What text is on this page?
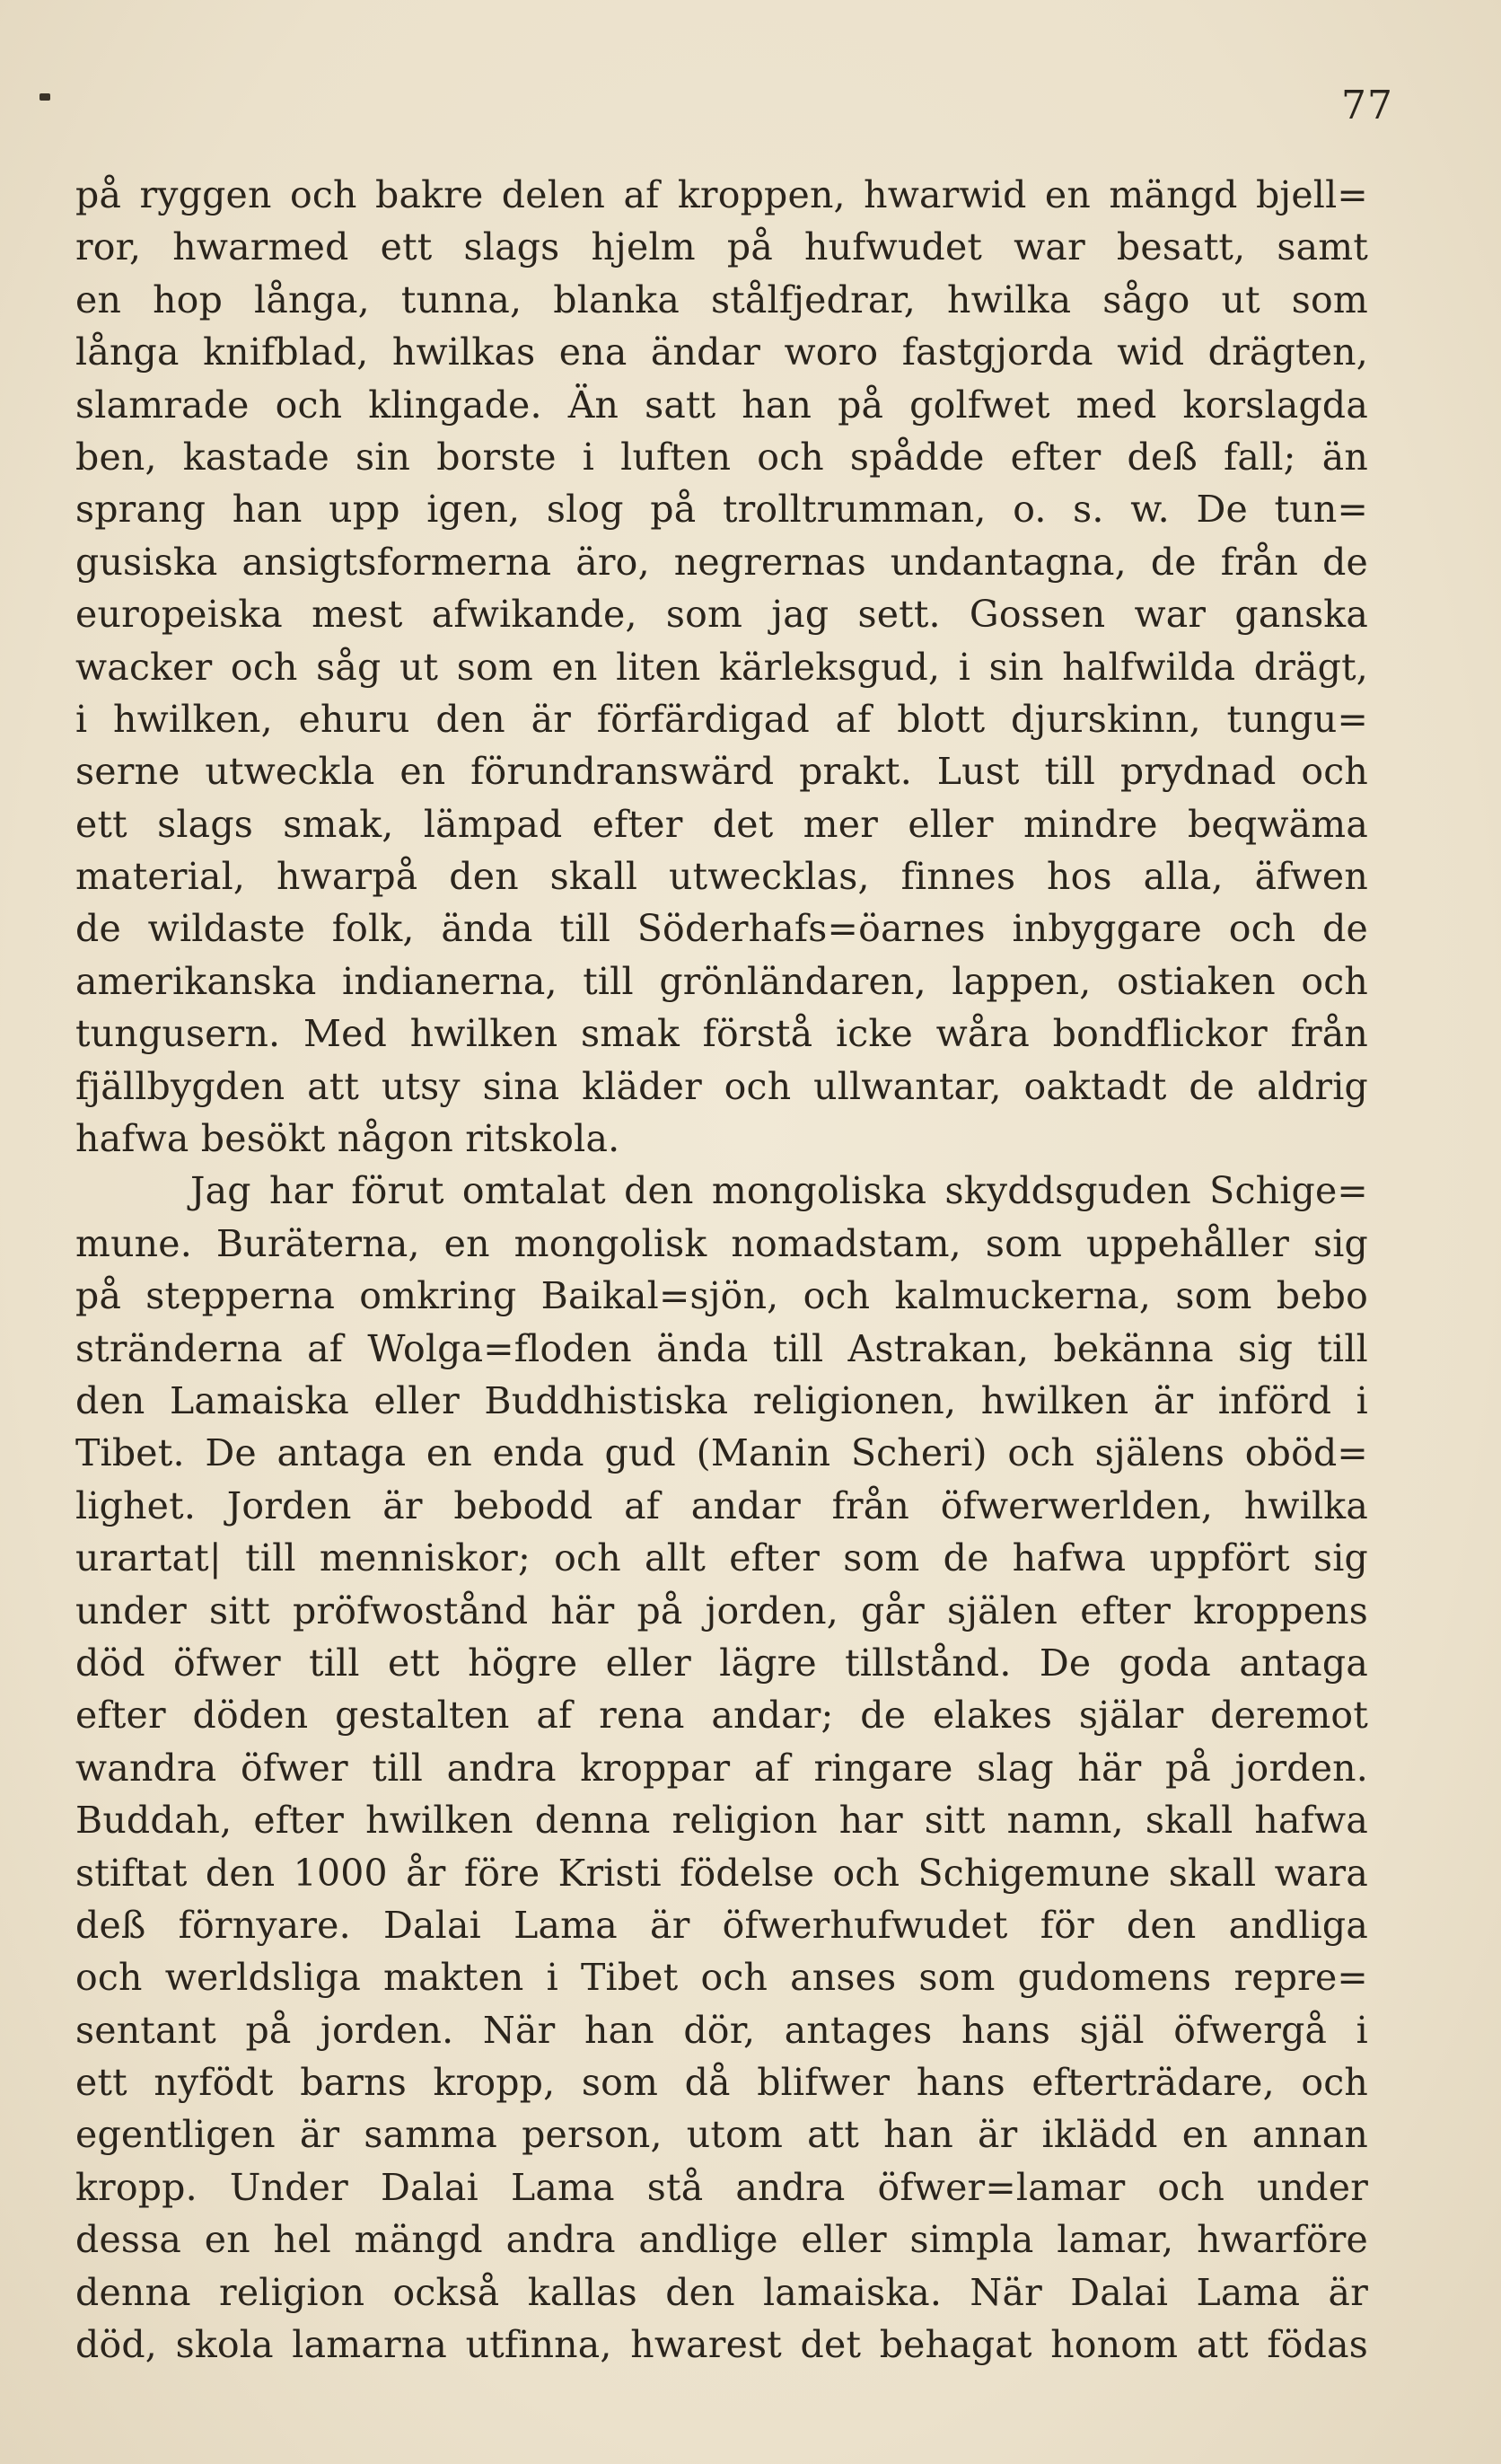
77
på ryggen och bakre delen af kroppen, hwarwid en mängd bjell=
ror, hwarmed ett slags hjelm på hufwudet war besatt, samt
en hop långa, tunna, blanka stålfjedrar, hwilka sågo ut som
långa knifblad, hwilkas ena ändar woro fastgjorda wid drägten,
slamrade och klingade. Än satt han på golfwet med korslagda
ben, kastade sin borste i luften och spådde efter deß fall; än
sprang han upp igen, slog på trolltrumman, o. s. w. De tun=
gusiska ansigtsformerna äro, negrernas undantagna, de från de
europeiska mest afwikande, som jag sett. Gossen war ganska
wacker och såg ut som en liten kärleksgud, i sin halfwilda drägt,
i hwilken, ehuru den är förfärdigad af blott djurskinn, tungu=
serne utweckla en förundranswärd prakt. Lust till prydnad och
ett slags smak, lämpad efter det mer eller mindre beqwäma
material, hwarpå den skall utwecklas, finnes hos alla, äfwen
de wildaste folk, ända till Söderhafs=öarnes inbyggare och de
amerikanska indianerna, till grönländaren, lappen, ostiaken och
tungusern. Med hwilken smak förstå icke wåra bondflickor från
fjällbygden att utsy sina kläder och ullwantar, oaktadt de aldrig
hafwa besökt någon ritskola.
Jag har förut omtalat den mongoliska skyddsguden Schige=
mune. Buräterna, en mongolisk nomadstam, som uppehåller sig
på stepperna omkring Baikal=sjön, och kalmuckerna, som bebo
stränderna af Wolga=floden ända till Astrakan, bekänna sig till
den Lamaiska eller Buddhistiska religionen, hwilken är införd i
Tibet. De antaga en enda gud (Manin Scheri) och själens oböd=
lighet. Jorden är bebodd af andar från öfwerwerlden, hwilka
urartat| till menniskor; och allt efter som de hafwa uppfört sig
under sitt pröfwostånd här på jorden, går själen efter kroppens
död öfwer till ett högre eller lägre tillstånd. De goda antaga
efter döden gestalten af rena andar; de elakes själar deremot
wandra öfwer till andra kroppar af ringare slag här på jorden.
Buddah, efter hwilken denna religion har sitt namn, skall hafwa
stiftat den 1000 år före Kristi födelse och Schigemune skall wara
deß förnyare. Dalai Lama är öfwerhufwudet för den andliga
och werldsliga makten i Tibet och anses som gudomens repre=
sentant på jorden. När han dör, antages hans själ öfwergå i
ett nyfödt barns kropp, som då blifwer hans efterträdare, och
egentligen är samma person, utom att han är iklädd en annan
kropp. Under Dalai Lama stå andra öfwer=lamar och under
dessa en hel mängd andra andlige eller simpla lamar, hwarföre
denna religion också kallas den lamaiska. När Dalai Lama är
död, skola lamarna utfinna, hwarest det behagat honom att födas
